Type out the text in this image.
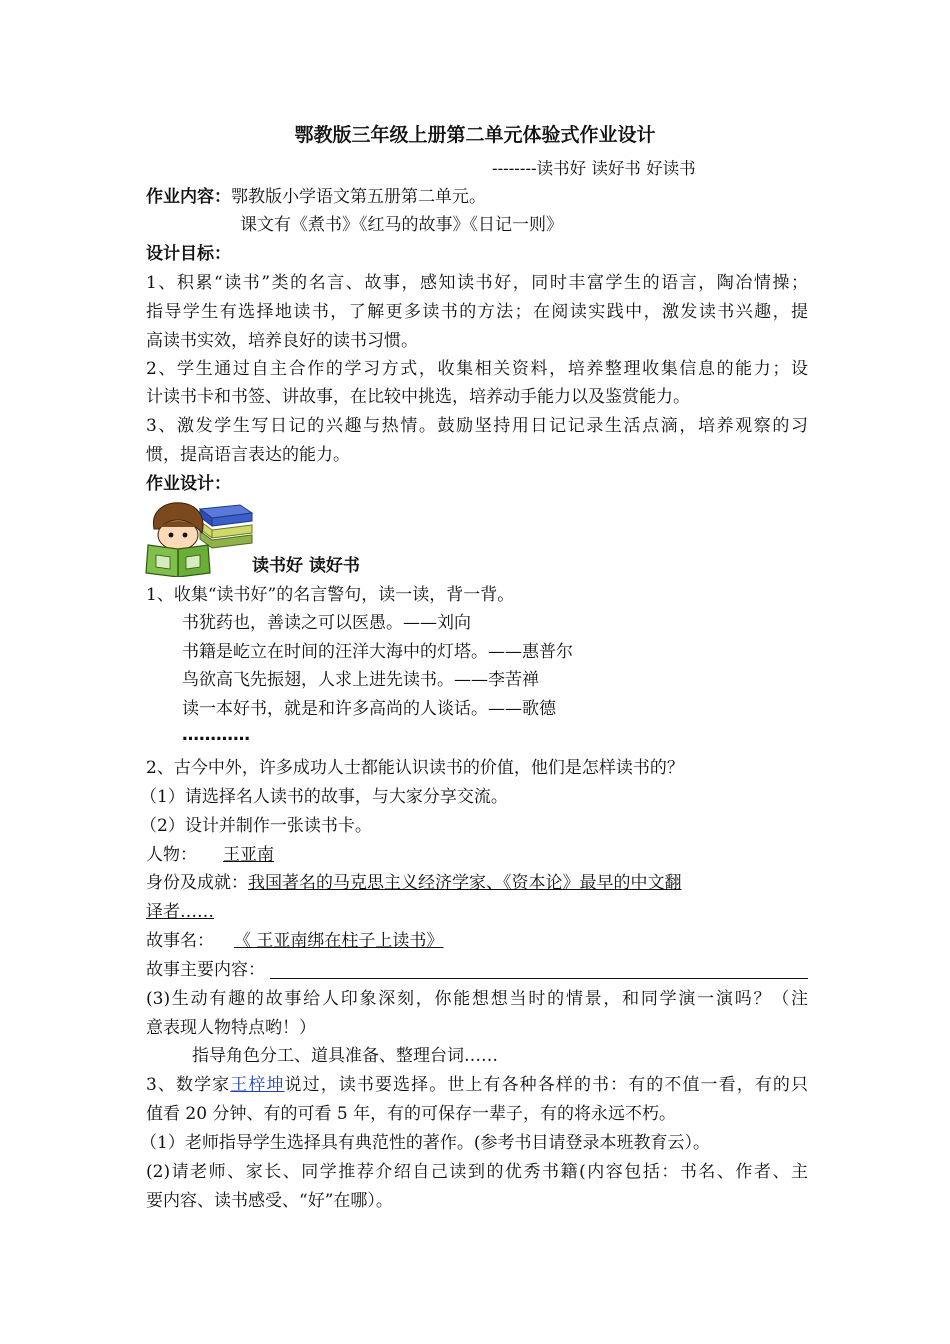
鄂教版三年级上册第二单元体验式作业设计
--------读书好 读好书 好读书
作业内容：鄂教版小学语文第五册第二单元。
课文有《煮书》《红马的故事》《日记一则》
设计目标：
1、积累“读书”类的名言、故事，感知读书好，同时丰富学生的语言，陶冶情操；
指导学生有选择地读书，了解更多读书的方法；在阅读实践中，激发读书兴趣，提
高读书实效，培养良好的读书习惯。
2、学生通过自主合作的学习方式，收集相关资料，培养整理收集信息的能力；设
计读书卡和书签、讲故事，在比较中挑选，培养动手能力以及鉴赏能力。
3、激发学生写日记的兴趣与热情。鼓励坚持用日记记录生活点滴，培养观察的习
惯，提高语言表达的能力。
作业设计：
读书好 读好书
1、收集“读书好”的名言警句，读一读，背一背。
书犹药也，善读之可以医愚。——刘向
书籍是屹立在时间的汪洋大海中的灯塔。——惠普尔
鸟欲高飞先振翅，人求上进先读书。——李苦禅
读一本好书，就是和许多高尚的人谈话。——歌德
…………
2、古今中外，许多成功人士都能认识读书的价值，他们是怎样读书的？
（1）请选择名人读书的故事，与大家分享交流。
（2）设计并制作一张读书卡。
人物： 王亚南
身份及成就：我国著名的马克思主义经济学家、《资本论》最早的中文翻
译者……
故事名： 《 王亚南绑在柱子上读书》
故事主要内容：
(3)生动有趣的故事给人印象深刻，你能想想当时的情景，和同学演一演吗？（注
意表现人物特点哟！）
指导角色分工、道具准备、整理台词……
3、数学家王梓坤说过，读书要选择。世上有各种各样的书：有的不值一看，有的只
值看 20 分钟、有的可看 5 年，有的可保存一辈子，有的将永远不朽。
（1）老师指导学生选择具有典范性的著作。(参考书目请登录本班教育云）。
(2)请老师、家长、同学推荐介绍自己读到的优秀书籍(内容包括：书名、作者、主
要内容、读书感受、“好”在哪）。
